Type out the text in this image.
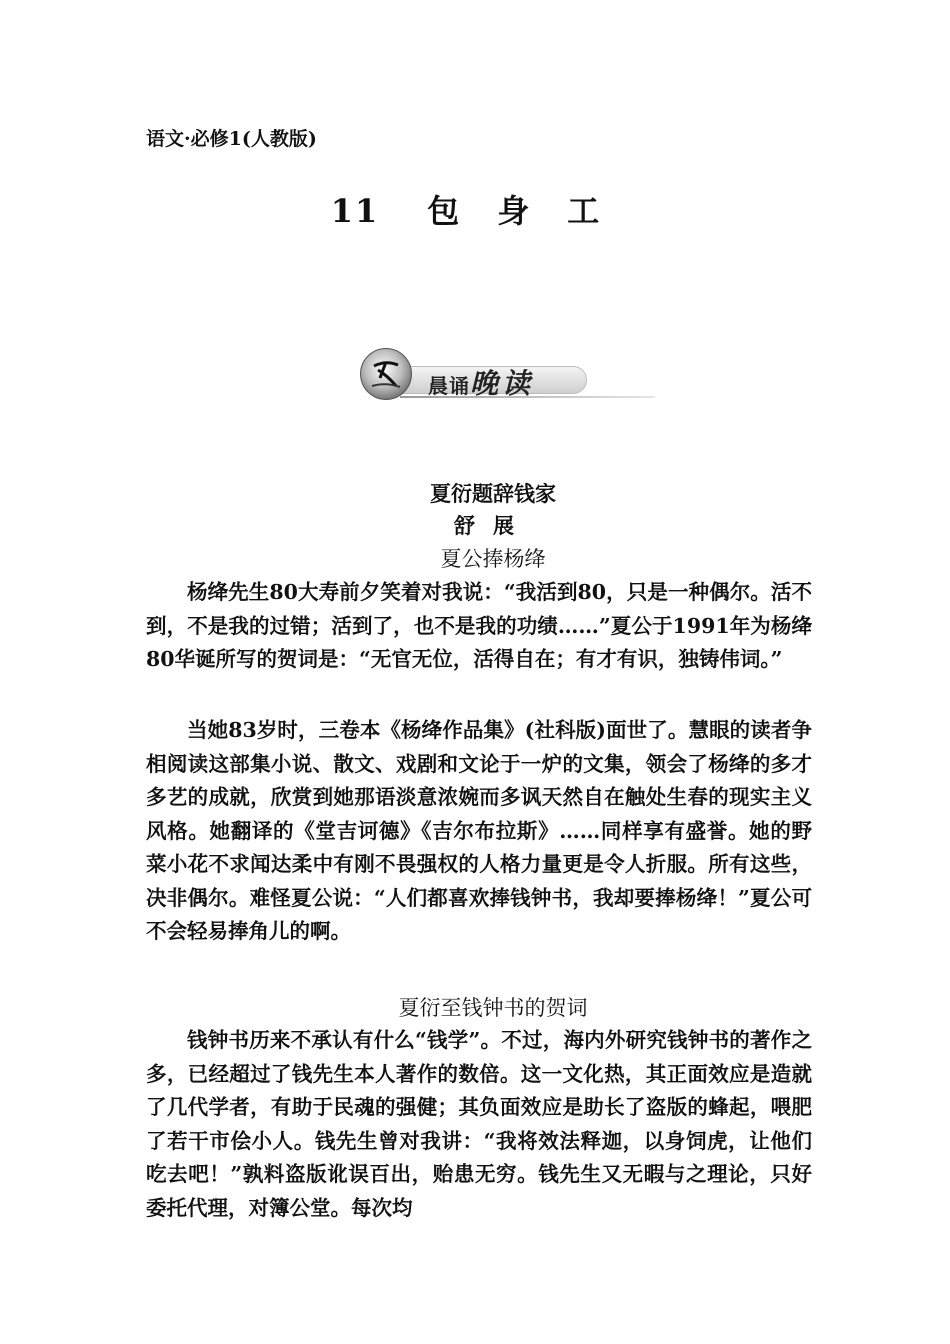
语文·必修1(人教版)
11 包 身 工
晨诵晚读
夏衍题辞钱家
舒展
夏公捧杨绛

杨绛先生80大寿前夕笑着对我说：“我活到80，只是一种偶尔。活不到，不是我的过错；活到了，也不是我的功绩……”夏公于1991年为杨绛80华诞所写的贺词是：“无官无位，活得自在；有才有识，独铸伟词。”

当她83岁时，三卷本《杨绛作品集》(社科版)面世了。慧眼的读者争相阅读这部集小说、散文、戏剧和文论于一炉的文集，领会了杨绛的多才多艺的成就，欣赏到她那语淡意浓婉而多讽天然自在触处生春的现实主义风格。她翻译的《堂吉诃德》《吉尔布拉斯》……同样享有盛誉。她的野菜小花不求闻达柔中有刚不畏强权的人格力量更是令人折服。所有这些，决非偶尔。难怪夏公说：“人们都喜欢捧钱钟书，我却要捧杨绛！”夏公可不会轻易捧角儿的啊。

夏衍至钱钟书的贺词

钱钟书历来不承认有什么“钱学”。不过，海内外研究钱钟书的著作之多，已经超过了钱先生本人著作的数倍。这一文化热，其正面效应是造就了几代学者，有助于民魂的强健；其负面效应是助长了盗版的蜂起，喂肥了若干市侩小人。钱先生曾对我讲：“我将效法释迦，以身饲虎，让他们吃去吧！”孰料盗版讹误百出，贻患无穷。钱先生又无暇与之理论，只好委托代理，对簿公堂。每次均
